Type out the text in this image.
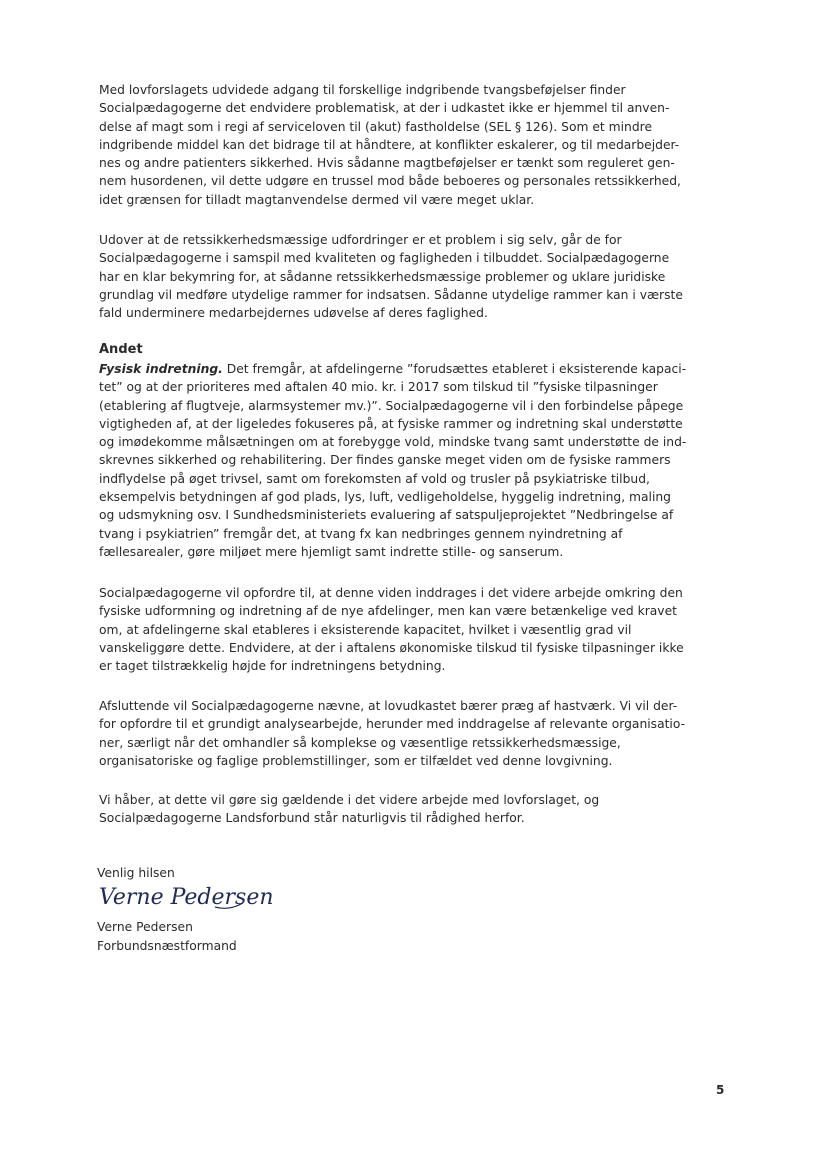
Med lovforslagets udvidede adgang til forskellige indgribende tvangsbeføjelser finder
Socialpædagogerne det endvidere problematisk, at der i udkastet ikke er hjemmel til anven-
delse af magt som i regi af serviceloven til (akut) fastholdelse (SEL § 126). Som et mindre
indgribende middel kan det bidrage til at håndtere, at konflikter eskalerer, og til medarbejder-
nes og andre patienters sikkerhed. Hvis sådanne magtbeføjelser er tænkt som reguleret gen-
nem husordenen, vil dette udgøre en trussel mod både beboeres og personales retssikkerhed,
idet grænsen for tilladt magtanvendelse dermed vil være meget uklar.

Udover at de retssikkerhedsmæssige udfordringer er et problem i sig selv, går de for
Socialpædagogerne i samspil med kvaliteten og fagligheden i tilbuddet. Socialpædagogerne
har en klar bekymring for, at sådanne retssikkerhedsmæssige problemer og uklare juridiske
grundlag vil medføre utydelige rammer for indsatsen. Sådanne utydelige rammer kan i værste
fald underminere medarbejdernes udøvelse af deres faglighed.

Andet

Fysisk indretning. Det fremgår, at afdelingerne ”forudsættes etableret i eksisterende kapaci-
tet” og at der prioriteres med aftalen 40 mio. kr. i 2017 som tilskud til ”fysiske tilpasninger
(etablering af flugtveje, alarmsystemer mv.)”. Socialpædagogerne vil i den forbindelse påpege
vigtigheden af, at der ligeledes fokuseres på, at fysiske rammer og indretning skal understøtte
og imødekomme målsætningen om at forebygge vold, mindske tvang samt understøtte de ind-
skrevnes sikkerhed og rehabilitering. Der findes ganske meget viden om de fysiske rammers
indflydelse på øget trivsel, samt om forekomsten af vold og trusler på psykiatriske tilbud,
eksempelvis betydningen af god plads, lys, luft, vedligeholdelse, hyggelig indretning, maling
og udsmykning osv. I Sundhedsministeriets evaluering af satspuljeprojektet ”Nedbringelse af
tvang i psykiatrien” fremgår det, at tvang fx kan nedbringes gennem nyindretning af
fællesarealer, gøre miljøet mere hjemligt samt indrette stille- og sanserum.

Socialpædagogerne vil opfordre til, at denne viden inddrages i det videre arbejde omkring den
fysiske udformning og indretning af de nye afdelinger, men kan være betænkelige ved kravet
om, at afdelingerne skal etableres i eksisterende kapacitet, hvilket i væsentlig grad vil
vanskeliggøre dette. Endvidere, at der i aftalens økonomiske tilskud til fysiske tilpasninger ikke
er taget tilstrækkelig højde for indretningens betydning.

Afsluttende vil Socialpædagogerne nævne, at lovudkastet bærer præg af hastværk. Vi vil der-
for opfordre til et grundigt analysearbejde, herunder med inddragelse af relevante organisatio-
ner, særligt når det omhandler så komplekse og væsentlige retssikkerhedsmæssige,
organisatoriske og faglige problemstillinger, som er tilfældet ved denne lovgivning.

Vi håber, at dette vil gøre sig gældende i det videre arbejde med lovforslaget, og
Socialpædagogerne Landsforbund står naturligvis til rådighed herfor.

Venlig hilsen
Verne Pedersen
Verne Pedersen
Forbundsnæstformand
5
